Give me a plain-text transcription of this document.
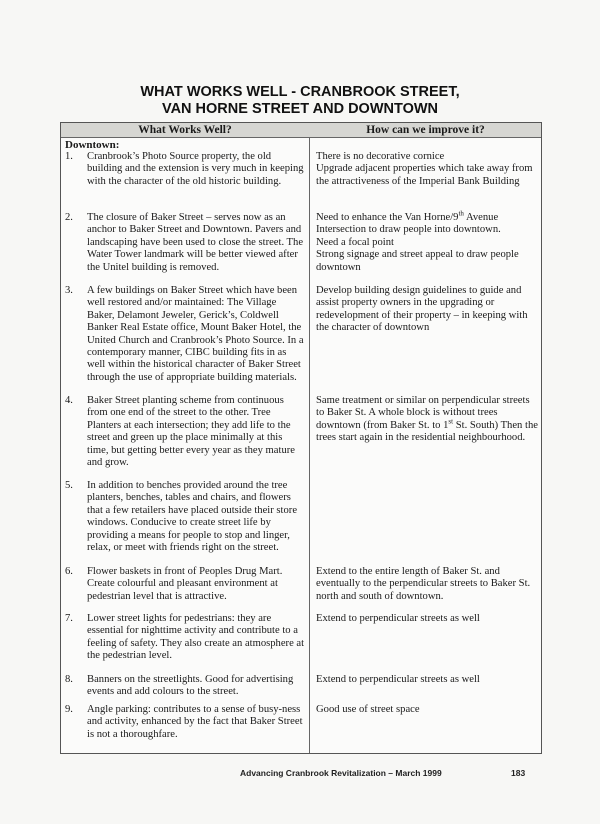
WHAT WORKS WELL - CRANBROOK STREET,
VAN HORNE STREET AND DOWNTOWN
What Works Well?	How can we improve it?
Downtown:
1.	Cranbrook’s Photo Source property, the old building and the extension is very much in keeping with the character of the old historic building.
There is no decorative cornice
Upgrade adjacent properties which take away from the attractiveness of the Imperial Bank Building
2.	The closure of Baker Street – serves now as an anchor to Baker Street and Downtown. Pavers and landscaping have been used to close the street. The Water Tower landmark will be better viewed after the Unitel building is removed.
Need to enhance the Van Horne/9th Avenue Intersection to draw people into downtown.
Need a focal point
Strong signage and street appeal to draw people downtown
3.	A few buildings on Baker Street which have been well restored and/or maintained: The Village Baker, Delamont Jeweler, Gerick’s, Coldwell Banker Real Estate office, Mount Baker Hotel, the United Church and Cranbrook’s Photo Source. In a contemporary manner, CIBC building fits in as well within the historical character of Baker Street through the use of appropriate building materials.
Develop building design guidelines to guide and assist property owners in the upgrading or redevelopment of their property – in keeping with the character of downtown
4.	Baker Street planting scheme from continuous from one end of the street to the other. Tree Planters at each intersection; they add life to the street and green up the place minimally at this time, but getting better every year as they mature and grow.
Same treatment or similar on perpendicular streets to Baker St. A whole block is without trees downtown (from Baker St. to 1st St. South) Then the trees start again in the residential neighbourhood.
5.	In addition to benches provided around the tree planters, benches, tables and chairs, and flowers that a few retailers have placed outside their store windows. Conducive to create street life by providing a means for people to stop and linger, relax, or meet with friends right on the street.
6.	Flower baskets in front of Peoples Drug Mart. Create colourful and pleasant environment at pedestrian level that is attractive.
Extend to the entire length of Baker St. and eventually to the perpendicular streets to Baker St. north and south of downtown.
7.	Lower street lights for pedestrians: they are essential for nighttime activity and contribute to a feeling of safety. They also create an atmosphere at the pedestrian level.
Extend to perpendicular streets as well
8.	Banners on the streetlights. Good for advertising events and add colours to the street.
Extend to perpendicular streets as well
9.	Angle parking: contributes to a sense of busy-ness and activity, enhanced by the fact that Baker Street is not a thoroughfare.
Good use of street space
Advancing Cranbrook Revitalization – March 1999	183
